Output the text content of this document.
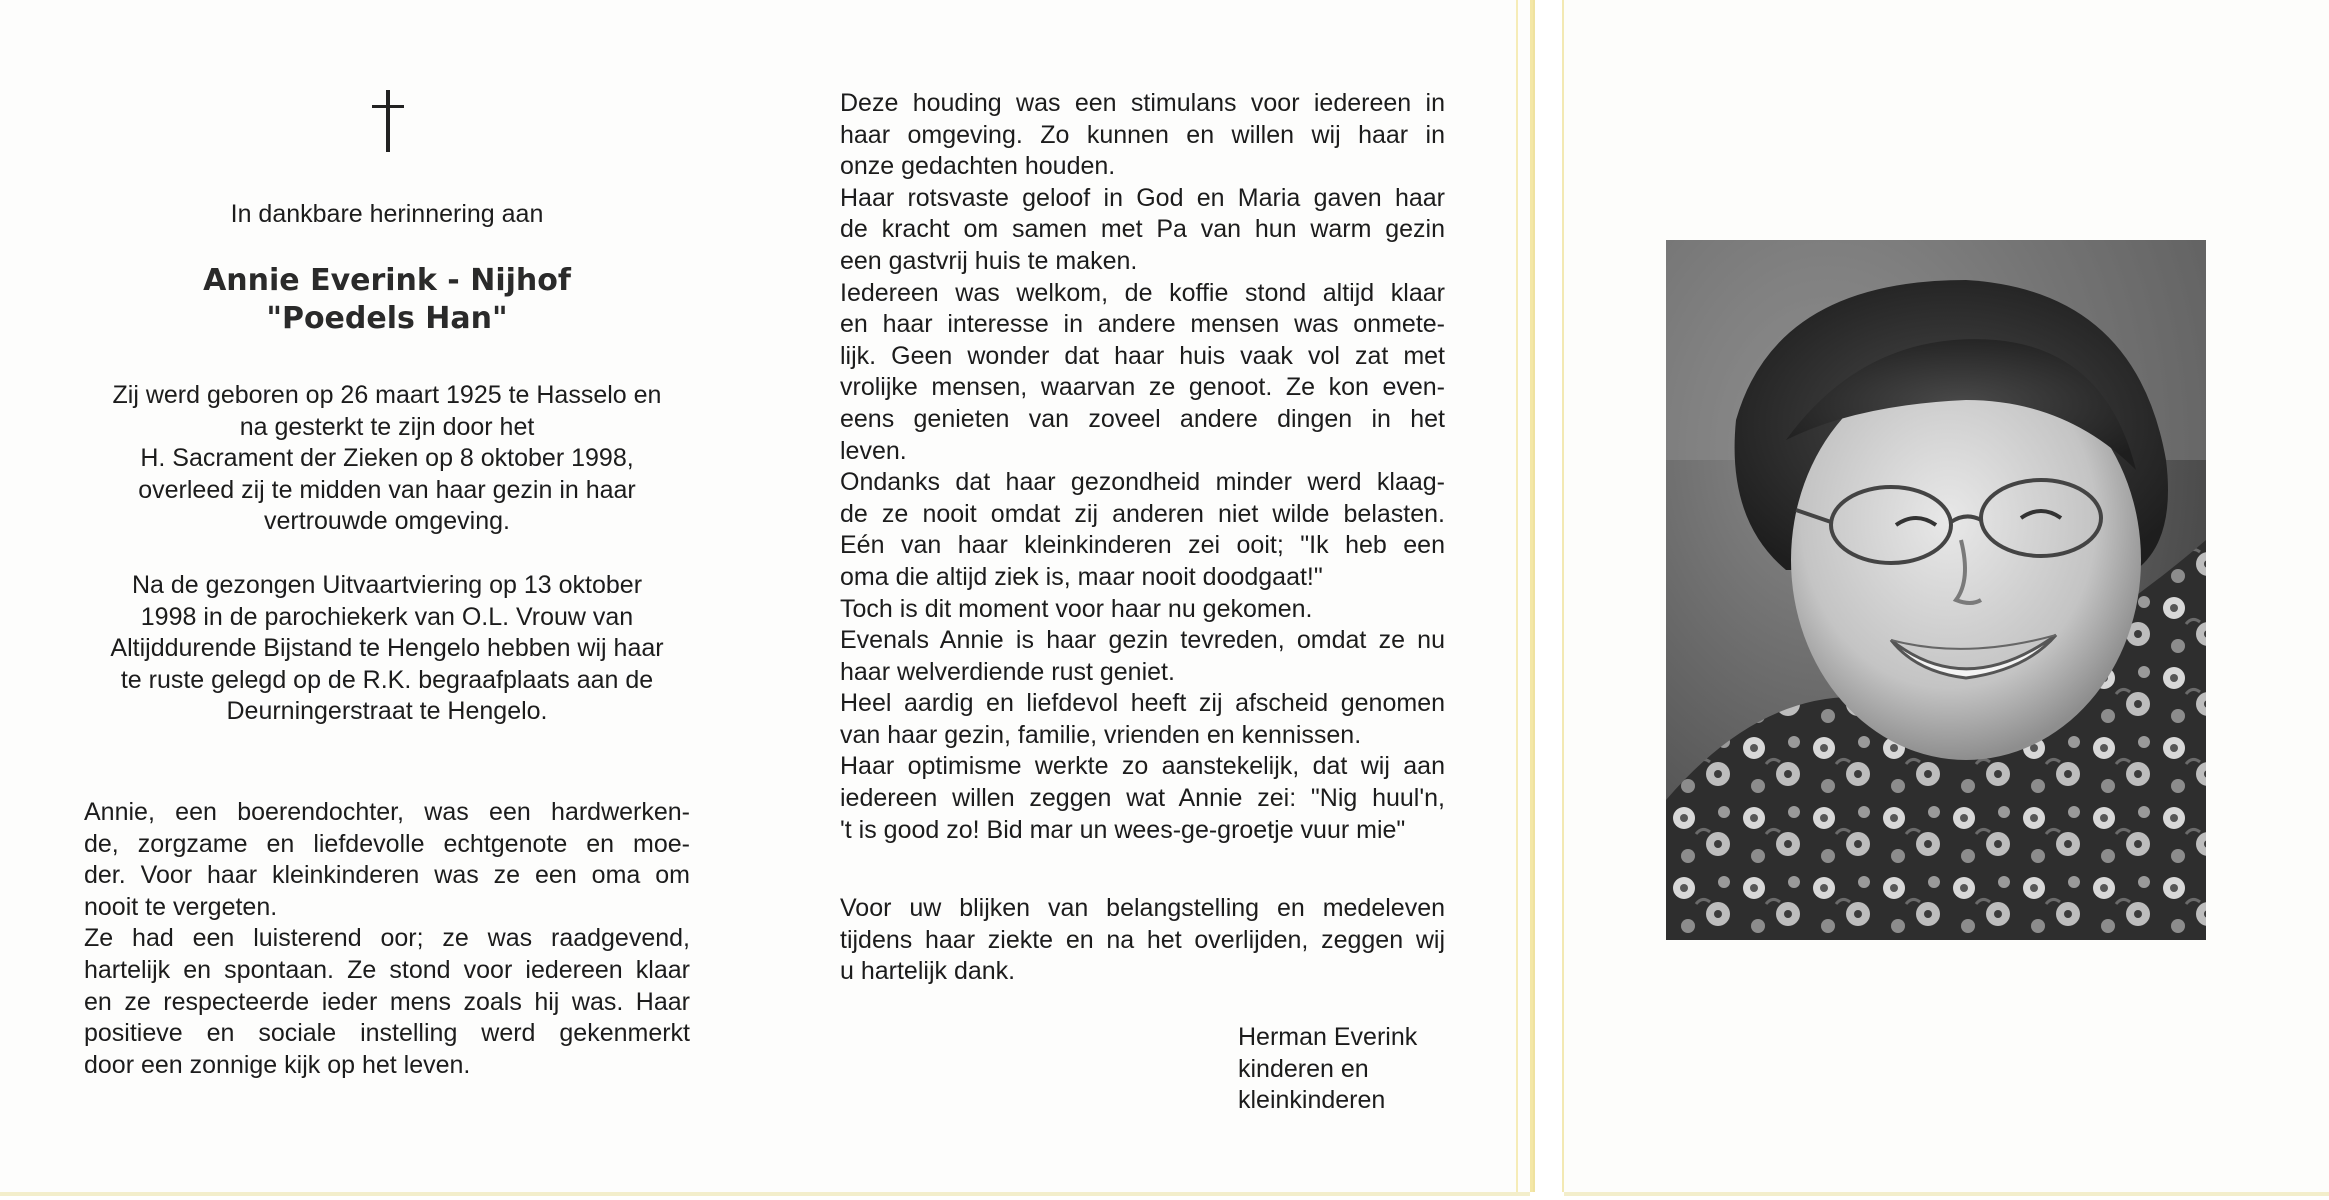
In dankbare herinnering aan
Annie Everink - Nijhof
"Poedels Han"
Zij werd geboren op 26 maart 1925 te Hasselo en
na gesterkt te zijn door het
H. Sacrament der Zieken op 8 oktober 1998,
overleed zij te midden van haar gezin in haar
vertrouwde omgeving.
Na de gezongen Uitvaartviering op 13 oktober
1998 in de parochiekerk van O.L. Vrouw van
Altijddurende Bijstand te Hengelo hebben wij haar
te ruste gelegd op de R.K. begraafplaats aan de
Deurningerstraat te Hengelo.
Annie, een boerendochter, was een hardwerken-
de, zorgzame en liefdevolle echtgenote en moe-
der. Voor haar kleinkinderen was ze een oma om
nooit te vergeten.
Ze had een luisterend oor; ze was raadgevend,
hartelijk en spontaan. Ze stond voor iedereen klaar
en ze respecteerde ieder mens zoals hij was. Haar
positieve en sociale instelling werd gekenmerkt
door een zonnige kijk op het leven.
Deze houding was een stimulans voor iedereen in
haar omgeving. Zo kunnen en willen wij haar in
onze gedachten houden.
Haar rotsvaste geloof in God en Maria gaven haar
de kracht om samen met Pa van hun warm gezin
een gastvrij huis te maken.
Iedereen was welkom, de koffie stond altijd klaar
en haar interesse in andere mensen was onmete-
lijk. Geen wonder dat haar huis vaak vol zat met
vrolijke mensen, waarvan ze genoot. Ze kon even-
eens genieten van zoveel andere dingen in het
leven.
Ondanks dat haar gezondheid minder werd klaag-
de ze nooit omdat zij anderen niet wilde belasten.
Eén van haar kleinkinderen zei ooit; "Ik heb een
oma die altijd ziek is, maar nooit doodgaat!"
Toch is dit moment voor haar nu gekomen.
Evenals Annie is haar gezin tevreden, omdat ze nu
haar welverdiende rust geniet.
Heel aardig en liefdevol heeft zij afscheid genomen
van haar gezin, familie, vrienden en kennissen.
Haar optimisme werkte zo aanstekelijk, dat wij aan
iedereen willen zeggen wat Annie zei: "Nig huul'n,
't is good zo! Bid mar un wees-ge-groetje vuur mie"
Voor uw blijken van belangstelling en medeleven
tijdens haar ziekte en na het overlijden, zeggen wij
u hartelijk dank.
Herman Everink
kinderen en
kleinkinderen
